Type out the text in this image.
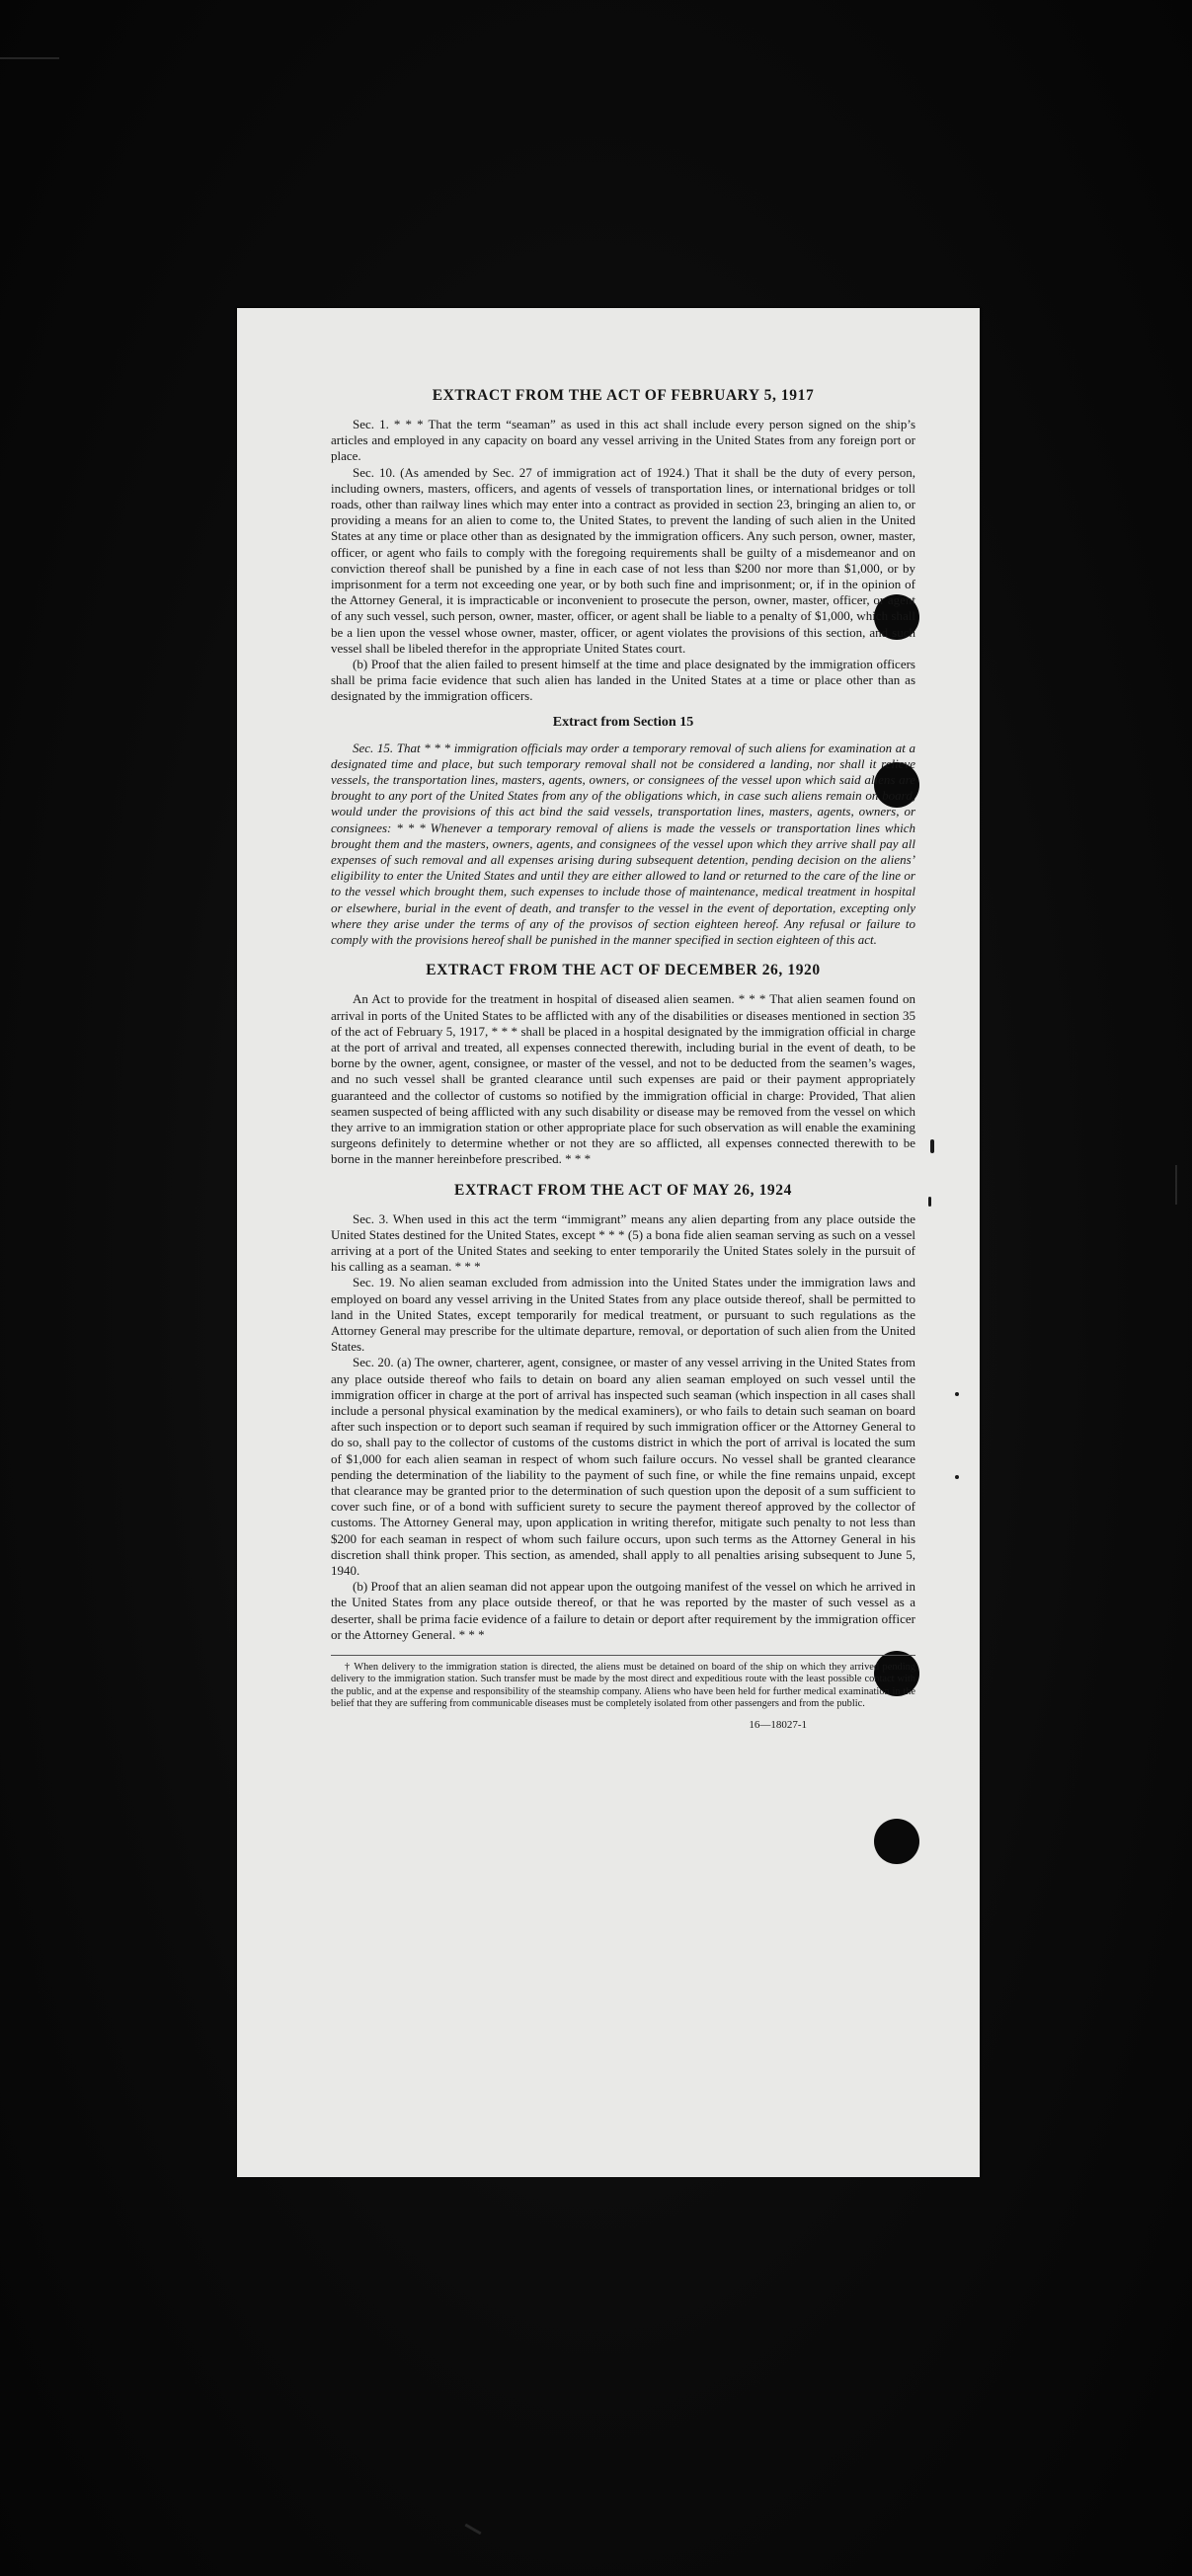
EXTRACT FROM THE ACT OF FEBRUARY 5, 1917

Sec. 1. * * * That the term “seaman” as used in this act shall include every person signed on the ship’s articles and employed in any capacity on board any vessel arriving in the United States from any foreign port or place.

Sec. 10. (As amended by Sec. 27 of immigration act of 1924.) That it shall be the duty of every person, including owners, masters, officers, and agents of vessels of transportation lines, or international bridges or toll roads, other than railway lines which may enter into a contract as provided in section 23, bringing an alien to, or providing a means for an alien to come to, the United States, to prevent the landing of such alien in the United States at any time or place other than as designated by the immigration officers. Any such person, owner, master, officer, or agent who fails to comply with the foregoing requirements shall be guilty of a misdemeanor and on conviction thereof shall be punished by a fine in each case of not less than $200 nor more than $1,000, or by imprisonment for a term not exceeding one year, or by both such fine and imprisonment; or, if in the opinion of the Attorney General, it is impracticable or inconvenient to prosecute the person, owner, master, officer, or agent of any such vessel, such person, owner, master, officer, or agent shall be liable to a penalty of $1,000, which shall be a lien upon the vessel whose owner, master, officer, or agent violates the provisions of this section, and such vessel shall be libeled therefor in the appropriate United States court.

(b) Proof that the alien failed to present himself at the time and place designated by the immigration officers shall be prima facie evidence that such alien has landed in the United States at a time or place other than as designated by the immigration officers.

Extract from Section 15

Sec. 15. That * * * immigration officials may order a temporary removal of such aliens for examination at a designated time and place, but such temporary removal shall not be considered a landing, nor shall it relieve vessels, the transportation lines, masters, agents, owners, or consignees of the vessel upon which said aliens are brought to any port of the United States from any of the obligations which, in case such aliens remain on board, would under the provisions of this act bind the said vessels, transportation lines, masters, agents, owners, or consignees: * * * Whenever a temporary removal of aliens is made the vessels or transportation lines which brought them and the masters, owners, agents, and consignees of the vessel upon which they arrive shall pay all expenses of such removal and all expenses arising during subsequent detention, pending decision on the aliens’ eligibility to enter the United States and until they are either allowed to land or returned to the care of the line or to the vessel which brought them, such expenses to include those of maintenance, medical treatment in hospital or elsewhere, burial in the event of death, and transfer to the vessel in the event of deportation, excepting only where they arise under the terms of any of the provisos of section eighteen hereof. Any refusal or failure to comply with the provisions hereof shall be punished in the manner specified in section eighteen of this act.

EXTRACT FROM THE ACT OF DECEMBER 26, 1920

An Act to provide for the treatment in hospital of diseased alien seamen. * * * That alien seamen found on arrival in ports of the United States to be afflicted with any of the disabilities or diseases mentioned in section 35 of the act of February 5, 1917, * * * shall be placed in a hospital designated by the immigration official in charge at the port of arrival and treated, all expenses connected therewith, including burial in the event of death, to be borne by the owner, agent, consignee, or master of the vessel, and not to be deducted from the seamen’s wages, and no such vessel shall be granted clearance until such expenses are paid or their payment appropriately guaranteed and the collector of customs so notified by the immigration official in charge: Provided, That alien seamen suspected of being afflicted with any such disability or disease may be removed from the vessel on which they arrive to an immigration station or other appropriate place for such observation as will enable the examining surgeons definitely to determine whether or not they are so afflicted, all expenses connected therewith to be borne in the manner hereinbefore prescribed. * * *

EXTRACT FROM THE ACT OF MAY 26, 1924

Sec. 3. When used in this act the term “immigrant” means any alien departing from any place outside the United States destined for the United States, except * * * (5) a bona fide alien seaman serving as such on a vessel arriving at a port of the United States and seeking to enter temporarily the United States solely in the pursuit of his calling as a seaman. * * *

Sec. 19. No alien seaman excluded from admission into the United States under the immigration laws and employed on board any vessel arriving in the United States from any place outside thereof, shall be permitted to land in the United States, except temporarily for medical treatment, or pursuant to such regulations as the Attorney General may prescribe for the ultimate departure, removal, or deportation of such alien from the United States.

Sec. 20. (a) The owner, charterer, agent, consignee, or master of any vessel arriving in the United States from any place outside thereof who fails to detain on board any alien seaman employed on such vessel until the immigration officer in charge at the port of arrival has inspected such seaman (which inspection in all cases shall include a personal physical examination by the medical examiners), or who fails to detain such seaman on board after such inspection or to deport such seaman if required by such immigration officer or the Attorney General to do so, shall pay to the collector of customs of the customs district in which the port of arrival is located the sum of $1,000 for each alien seaman in respect of whom such failure occurs. No vessel shall be granted clearance pending the determination of the liability to the payment of such fine, or while the fine remains unpaid, except that clearance may be granted prior to the determination of such question upon the deposit of a sum sufficient to cover such fine, or of a bond with sufficient surety to secure the payment thereof approved by the collector of customs. The Attorney General may, upon application in writing therefor, mitigate such penalty to not less than $200 for each seaman in respect of whom such failure occurs, upon such terms as the Attorney General in his discretion shall think proper. This section, as amended, shall apply to all penalties arising subsequent to June 5, 1940.

(b) Proof that an alien seaman did not appear upon the outgoing manifest of the vessel on which he arrived in the United States from any place outside thereof, or that he was reported by the master of such vessel as a deserter, shall be prima facie evidence of a failure to detain or deport after requirement by the immigration officer or the Attorney General. * * *

† When delivery to the immigration station is directed, the aliens must be detained on board of the ship on which they arrived pending delivery to the immigration station. Such transfer must be made by the most direct and expeditious route with the least possible contact with the public, and at the expense and responsibility of the steamship company. Aliens who have been held for further medical examination in the belief that they are suffering from communicable diseases must be completely isolated from other passengers and from the public.
16—18027-1
